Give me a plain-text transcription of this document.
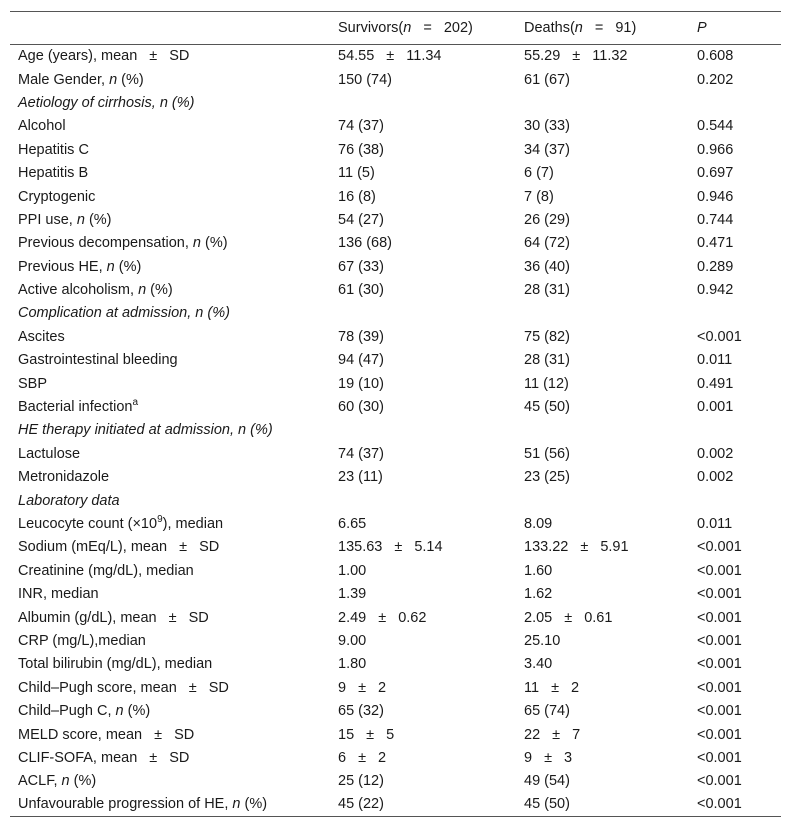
	Survivors(n = 202)	Deaths(n = 91)	P
Age (years), mean ± SD	54.55 ± 11.34	55.29 ± 11.32	0.608
Male Gender, n (%)	150 (74)	61 (67)	0.202
Aetiology of cirrhosis, n (%)			
Alcohol	74 (37)	30 (33)	0.544
Hepatitis C	76 (38)	34 (37)	0.966
Hepatitis B	11 (5)	6 (7)	0.697
Cryptogenic	16 (8)	7 (8)	0.946
PPI use, n (%)	54 (27)	26 (29)	0.744
Previous decompensation, n (%)	136 (68)	64 (72)	0.471
Previous HE, n (%)	67 (33)	36 (40)	0.289
Active alcoholism, n (%)	61 (30)	28 (31)	0.942
Complication at admission, n (%)			
Ascites	78 (39)	75 (82)	<0.001
Gastrointestinal bleeding	94 (47)	28 (31)	0.011
SBP	19 (10)	11 (12)	0.491
Bacterial infection$^a$	60 (30)	45 (50)	0.001
HE therapy initiated at admission, n (%)			
Lactulose	74 (37)	51 (56)	0.002
Metronidazole	23 (11)	23 (25)	0.002
Laboratory data			
Leucocyte count $(\times 10^9)$, median	6.65	8.09	0.011
Sodium (mEq/L), mean ± SD	135.63 ± 5.14	133.22 ± 5.91	<0.001
Creatinine (mg/dL), median	1.00	1.60	<0.001
INR, median	1.39	1.62	<0.001
Albumin (g/dL), mean ± SD	2.49 ± 0.62	2.05 ± 0.61	<0.001
CRP (mg/L),median	9.00	25.10	<0.001
Total bilirubin (mg/dL), median	1.80	3.40	<0.001
Child–Pugh score, mean ± SD	9 ± 2	11 ± 2	<0.001
Child–Pugh C, n (%)	65 (32)	65 (74)	<0.001
MELD score, mean ± SD	15 ± 5	22 ± 7	<0.001
CLIF-SOFA, mean ± SD	6 ± 2	9 ± 3	<0.001
ACLF, n (%)	25 (12)	49 (54)	<0.001
Unfavourable progression of HE, n (%)	45 (22)	45 (50)	<0.001
